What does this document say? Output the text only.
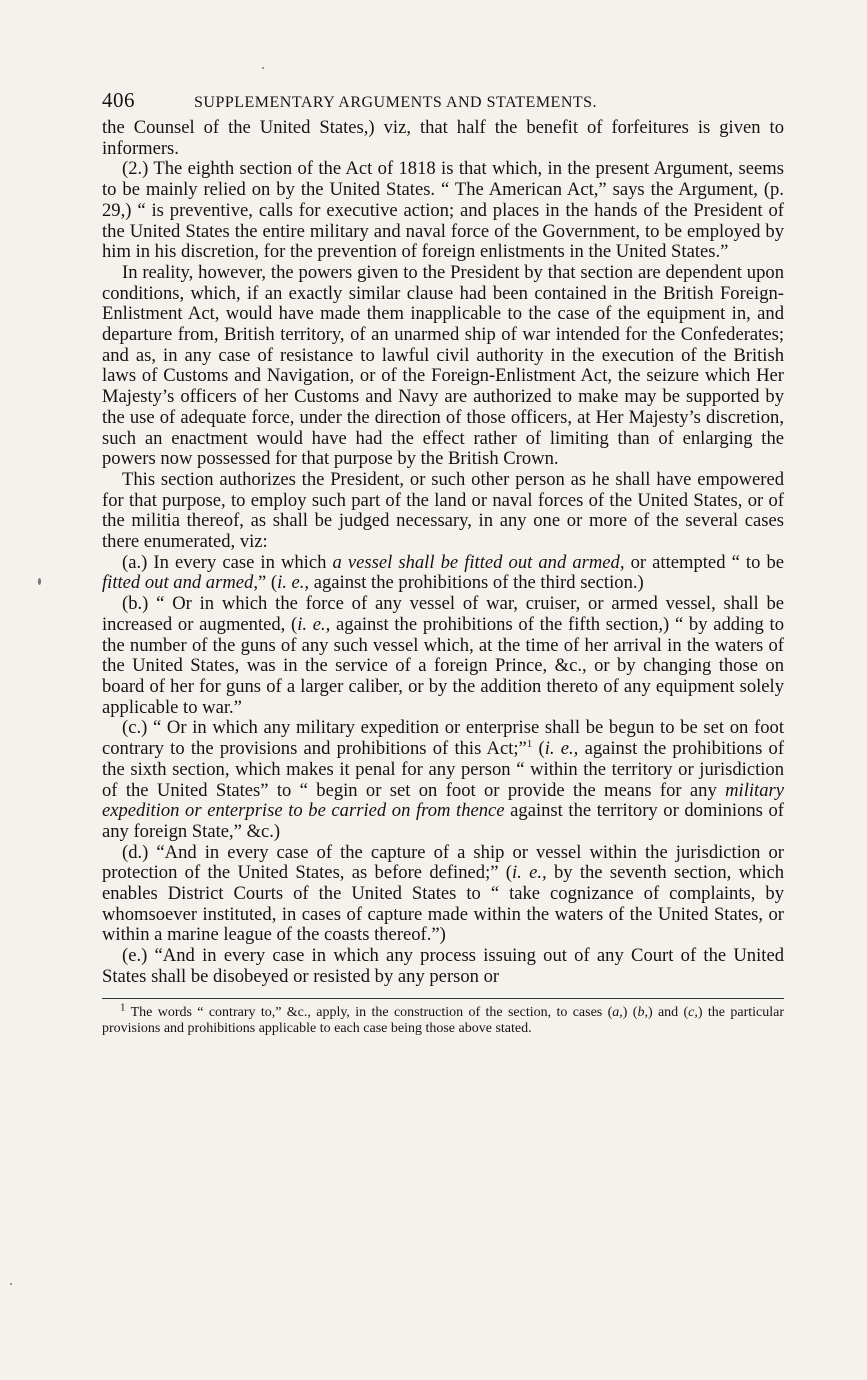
406	SUPPLEMENTARY ARGUMENTS AND STATEMENTS.

the Counsel of the United States,) viz, that half the benefit of forfeitures is given to informers.

(2.) The eighth section of the Act of 1818 is that which, in the present Argument, seems to be mainly relied on by the United States. “ The American Act,” says the Argument, (p. 29,) “ is preventive, calls for executive action; and places in the hands of the President of the United States the entire military and naval force of the Government, to be employed by him in his discretion, for the prevention of foreign enlistments in the United States.”

In reality, however, the powers given to the President by that section are dependent upon conditions, which, if an exactly similar clause had been contained in the British Foreign-Enlistment Act, would have made them inapplicable to the case of the equipment in, and departure from, British territory, of an unarmed ship of war intended for the Confederates; and as, in any case of resistance to lawful civil authority in the execution of the British laws of Customs and Navigation, or of the Foreign-Enlistment Act, the seizure which Her Majesty’s officers of her Customs and Navy are authorized to make may be supported by the use of adequate force, under the direction of those officers, at Her Majesty’s discretion, such an enactment would have had the effect rather of limiting than of enlarging the powers now possessed for that purpose by the British Crown.

This section authorizes the President, or such other person as he shall have empowered for that purpose, to employ such part of the land or naval forces of the United States, or of the militia thereof, as shall be judged necessary, in any one or more of the several cases there enumerated, viz:

(a.) In every case in which a vessel shall be fitted out and armed, or attempted “ to be fitted out and armed,” (i. e., against the prohibitions of the third section.)

(b.) “ Or in which the force of any vessel of war, cruiser, or armed vessel, shall be increased or augmented, (i. e., against the prohibitions of the fifth section,) “ by adding to the number of the guns of any such vessel which, at the time of her arrival in the waters of the United States, was in the service of a foreign Prince, &c., or by changing those on board of her for guns of a larger caliber, or by the addition thereto of any equipment solely applicable to war.”

(c.) “ Or in which any military expedition or enterprise shall be begun to be set on foot contrary to the provisions and prohibitions of this Act;”$^1$ (i. e., against the prohibitions of the sixth section, which makes it penal for any person “ within the territory or jurisdiction of the United States” to “ begin or set on foot or provide the means for any military expedition or enterprise to be carried on from thence against the territory or dominions of any foreign State,” &c.)

(d.) “And in every case of the capture of a ship or vessel within the jurisdiction or protection of the United States, as before defined;” (i. e., by the seventh section, which enables District Courts of the United States to “ take cognizance of complaints, by whomsoever instituted, in cases of capture made within the waters of the United States, or within a marine league of the coasts thereof.”)

(e.) “And in every case in which any process issuing out of any Court of the United States shall be disobeyed or resisted by any person or

$^1$ The words “ contrary to,” &c., apply, in the construction of the section, to cases (a,) (b,) and (c,) the particular provisions and prohibitions applicable to each case being those above stated.
